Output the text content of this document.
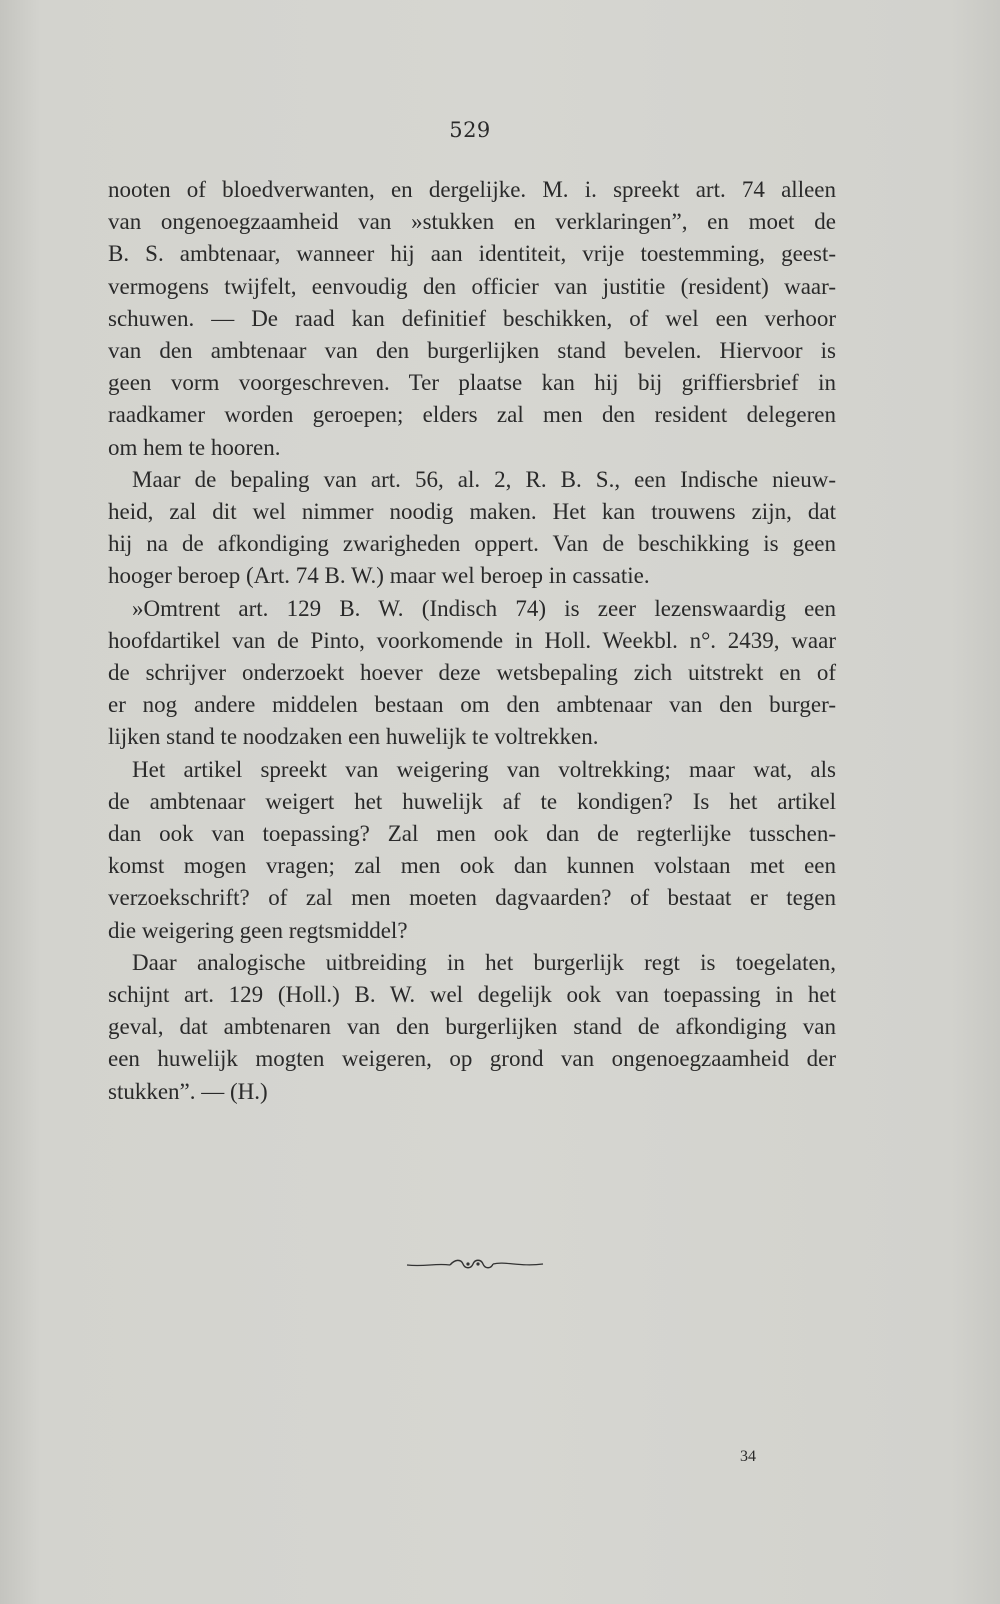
529
nooten of bloedverwanten, en dergelijke. M. i. spreekt art. 74 alleen
van ongenoegzaamheid van »stukken en verklaringen”, en moet de
B. S. ambtenaar, wanneer hij aan identiteit, vrije toestemming, geest-
vermogens twijfelt, eenvoudig den officier van justitie (resident) waar-
schuwen. — De raad kan definitief beschikken, of wel een verhoor
van den ambtenaar van den burgerlijken stand bevelen. Hiervoor is
geen vorm voorgeschreven. Ter plaatse kan hij bij griffiersbrief in
raadkamer worden geroepen; elders zal men den resident delegeren
om hem te hooren.
Maar de bepaling van art. 56, al. 2, R. B. S., een Indische nieuw-
heid, zal dit wel nimmer noodig maken. Het kan trouwens zijn, dat
hij na de afkondiging zwarigheden oppert. Van de beschikking is geen
hooger beroep (Art. 74 B. W.) maar wel beroep in cassatie.
»Omtrent art. 129 B. W. (Indisch 74) is zeer lezenswaardig een
hoofdartikel van de Pinto, voorkomende in Holl. Weekbl. n°. 2439, waar
de schrijver onderzoekt hoever deze wetsbepaling zich uitstrekt en of
er nog andere middelen bestaan om den ambtenaar van den burger-
lijken stand te noodzaken een huwelijk te voltrekken.
Het artikel spreekt van weigering van voltrekking; maar wat, als
de ambtenaar weigert het huwelijk af te kondigen? Is het artikel
dan ook van toepassing? Zal men ook dan de regterlijke tusschen-
komst mogen vragen; zal men ook dan kunnen volstaan met een
verzoekschrift? of zal men moeten dagvaarden? of bestaat er tegen
die weigering geen regtsmiddel?
Daar analogische uitbreiding in het burgerlijk regt is toegelaten,
schijnt art. 129 (Holl.) B. W. wel degelijk ook van toepassing in het
geval, dat ambtenaren van den burgerlijken stand de afkondiging van
een huwelijk mogten weigeren, op grond van ongenoegzaamheid der
stukken”. — (H.)
34
